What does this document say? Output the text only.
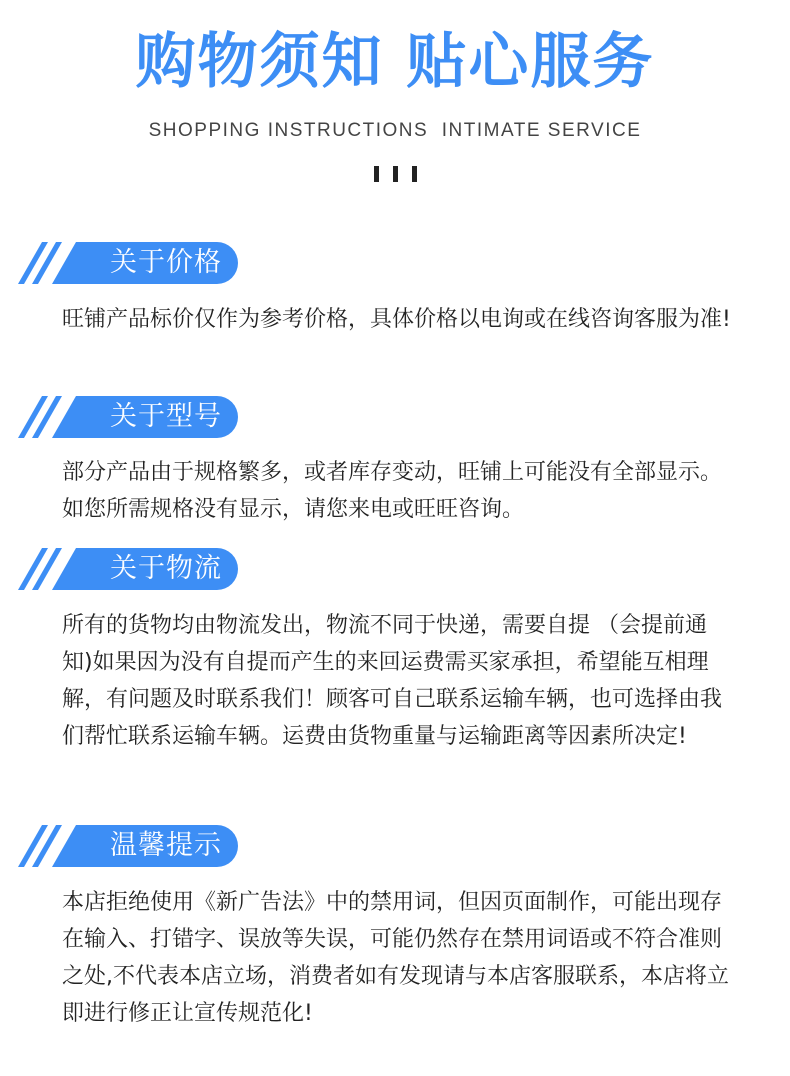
购物须知 贴心服务
SHOPPING INSTRUCTIONS  INTIMATE SERVICE
关于价格
旺铺产品标价仅作为参考价格，具体价格以电询或在线咨询客服为准!
关于型号
部分产品由于规格繁多，或者库存变动，旺铺上可能没有全部显示。如您所需规格没有显示，请您来电或旺旺咨询。
关于物流
所有的货物均由物流发出，物流不同于快递，需要自提 （会提前通知)如果因为没有自提而产生的来回运费需买家承担，希望能互相理解，有问题及时联系我们！顾客可自己联系运输车辆，也可选择由我们帮忙联系运输车辆。运费由货物重量与运输距离等因素所决定!
温馨提示
本店拒绝使用《新广告法》中的禁用词，但因页面制作，可能出现存在输入、打错字、误放等失误，可能仍然存在禁用词语或不符合准则之处,不代表本店立场，消费者如有发现请与本店客服联系，本店将立即进行修正让宣传规范化!
